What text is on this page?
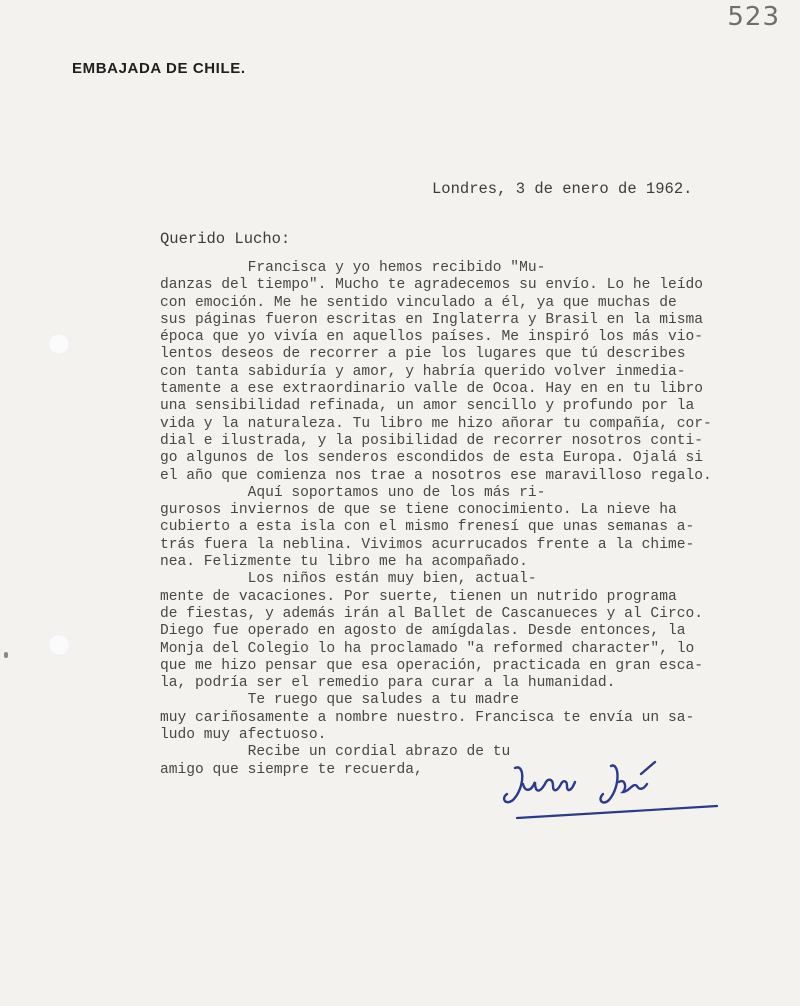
523
EMBAJADA DE CHILE.
Londres, 3 de enero de 1962.
Querido Lucho:
Francisca y yo hemos recibido "Mu-
danzas del tiempo". Mucho te agradecemos su envío. Lo he leído
con emoción. Me he sentido vinculado a él, ya que muchas de
sus páginas fueron escritas en Inglaterra y Brasil en la misma
época que yo vivía en aquellos países. Me inspiró los más vio-
lentos deseos de recorrer a pie los lugares que tú describes
con tanta sabiduría y amor, y habría querido volver inmedia-
tamente a ese extraordinario valle de Ocoa. Hay en en tu libro
una sensibilidad refinada, un amor sencillo y profundo por la
vida y la naturaleza. Tu libro me hizo añorar tu compañía, cor-
dial e ilustrada, y la posibilidad de recorrer nosotros conti-
go algunos de los senderos escondidos de esta Europa. Ojalá si
el año que comienza nos trae a nosotros ese maravilloso regalo.
Aquí soportamos uno de los más ri-
gurosos inviernos de que se tiene conocimiento. La nieve ha
cubierto a esta isla con el mismo frenesí que unas semanas a-
trás fuera la neblina. Vivimos acurrucados frente a la chime-
nea. Felizmente tu libro me ha acompañado.
Los niños están muy bien, actual-
mente de vacaciones. Por suerte, tienen un nutrido programa
de fiestas, y además irán al Ballet de Cascanueces y al Circo.
Diego fue operado en agosto de amígdalas. Desde entonces, la
Monja del Colegio lo ha proclamado "a reformed character", lo
que me hizo pensar que esa operación, practicada en gran esca-
la, podría ser el remedio para curar a la humanidad.
Te ruego que saludes a tu madre
muy cariñosamente a nombre nuestro. Francisca te envía un sa-
ludo muy afectuoso.
Recibe un cordial abrazo de tu
amigo que siempre te recuerda,
